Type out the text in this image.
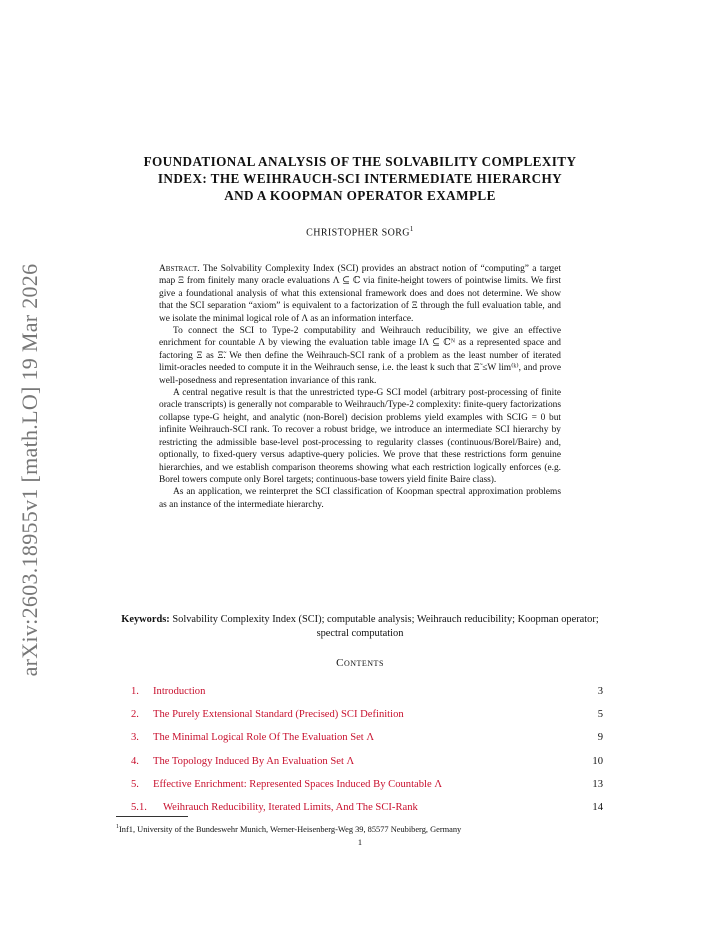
arXiv:2603.18955v1 [math.LO] 19 Mar 2026
FOUNDATIONAL ANALYSIS OF THE SOLVABILITY COMPLEXITY
INDEX: THE WEIHRAUCH-SCI INTERMEDIATE HIERARCHY
AND A KOOPMAN OPERATOR EXAMPLE
CHRISTOPHER SORG$^1$

Abstract. The Solvability Complexity Index (SCI) provides an abstract notion of “computing” a target map Ξ from finitely many oracle evaluations Λ ⊆ ℂ via finite-height towers of pointwise limits. We first give a foundational analysis of what this extensional framework does and does not determine. We show that the SCI separation “axiom” is equivalent to a factorization of Ξ through the full evaluation table, and we isolate the minimal logical role of Λ as an information interface.

To connect the SCI to Type-2 computability and Weihrauch reducibility, we give an effective enrichment for countable Λ by viewing the evaluation table image IΛ ⊆ ℂᴺ as a represented space and factoring Ξ as Ξ̃. We then define the Weihrauch-SCI rank of a problem as the least number of iterated limit-oracles needed to compute it in the Weihrauch sense, i.e. the least k such that Ξ̃ ≤W lim⁽ᵏ⁾, and prove well-posedness and representation invariance of this rank.

A central negative result is that the unrestricted type-G SCI model (arbitrary post-processing of finite oracle transcripts) is generally not comparable to Weihrauch/Type-2 complexity: finite-query factorizations collapse type-G height, and analytic (non-Borel) decision problems yield examples with SCIG = 0 but infinite Weihrauch-SCI rank. To recover a robust bridge, we introduce an intermediate SCI hierarchy by restricting the admissible base-level post-processing to regularity classes (continuous/Borel/Baire) and, optionally, to fixed-query versus adaptive-query policies. We prove that these restrictions form genuine hierarchies, and we establish comparison theorems showing what each restriction logically enforces (e.g. Borel towers compute only Borel targets; continuous-base towers yield finite Baire class).

As an application, we reinterpret the SCI classification of Koopman spectral approximation problems as an instance of the intermediate hierarchy.

Keywords: Solvability Complexity Index (SCI); computable analysis; Weihrauch reducibility; Koopman operator; spectral computation
Contents
1.	Introduction	3
2.	The Purely Extensional Standard (Precised) SCI Definition	5
3.	The Minimal Logical Role Of The Evaluation Set Λ	9
4.	The Topology Induced By An Evaluation Set Λ	10
5.	Effective Enrichment: Represented Spaces Induced By Countable Λ	13
5.1.	Weihrauch Reducibility, Iterated Limits, And The SCI-Rank	14
$^1$Inf1, University of the Bundeswehr Munich, Werner-Heisenberg-Weg 39, 85577 Neubiberg, Germany
1
